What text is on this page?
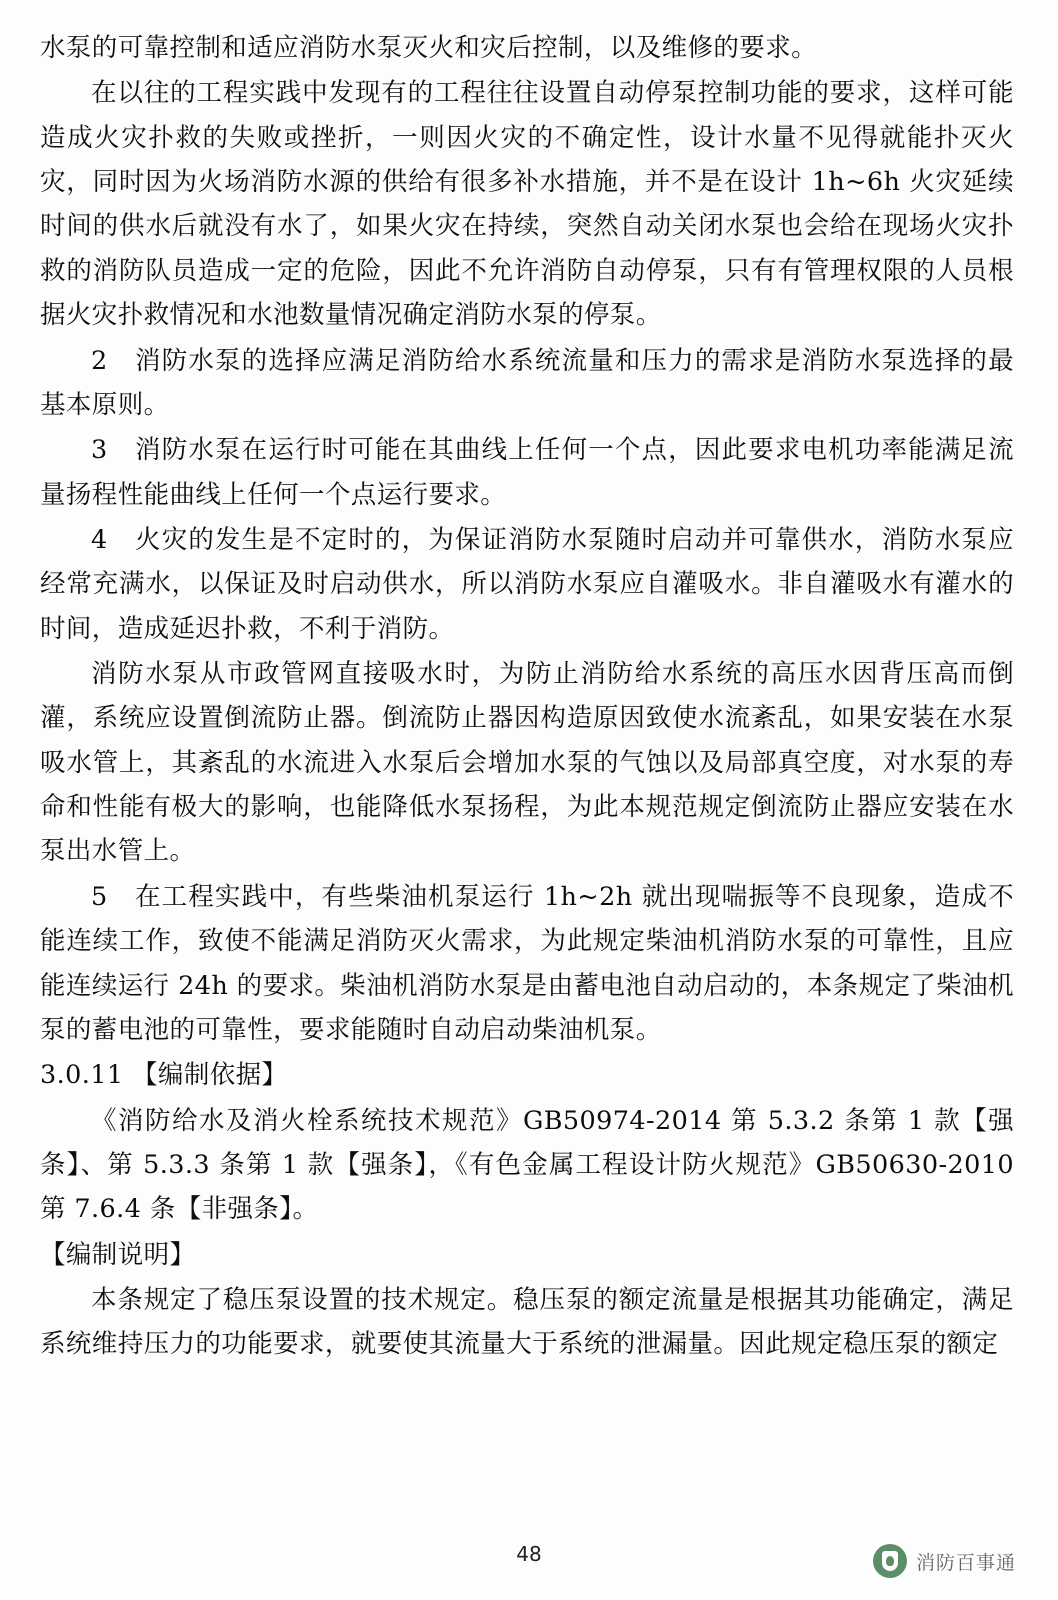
水泵的可靠控制和适应消防水泵灭火和灾后控制，以及维修的要求。

在以往的工程实践中发现有的工程往往设置自动停泵控制功能的要求，这样可能造成火灾扑救的失败或挫折，一则因火灾的不确定性，设计水量不见得就能扑灭火灾，同时因为火场消防水源的供给有很多补水措施，并不是在设计 1h~6h 火灾延续时间的供水后就没有水了，如果火灾在持续，突然自动关闭水泵也会给在现场火灾扑救的消防队员造成一定的危险，因此不允许消防自动停泵，只有有管理权限的人员根据火灾扑救情况和水池数量情况确定消防水泵的停泵。

2　消防水泵的选择应满足消防给水系统流量和压力的需求是消防水泵选择的最基本原则。

3　消防水泵在运行时可能在其曲线上任何一个点，因此要求电机功率能满足流量扬程性能曲线上任何一个点运行要求。

4　火灾的发生是不定时的，为保证消防水泵随时启动并可靠供水，消防水泵应经常充满水，以保证及时启动供水，所以消防水泵应自灌吸水。非自灌吸水有灌水的时间，造成延迟扑救，不利于消防。

消防水泵从市政管网直接吸水时，为防止消防给水系统的高压水因背压高而倒灌，系统应设置倒流防止器。倒流防止器因构造原因致使水流紊乱，如果安装在水泵吸水管上，其紊乱的水流进入水泵后会增加水泵的气蚀以及局部真空度，对水泵的寿命和性能有极大的影响，也能降低水泵扬程，为此本规范规定倒流防止器应安装在水泵出水管上。

5　在工程实践中，有些柴油机泵运行 1h~2h 就出现喘振等不良现象，造成不能连续工作，致使不能满足消防灭火需求，为此规定柴油机消防水泵的可靠性，且应能连续运行 24h 的要求。柴油机消防水泵是由蓄电池自动启动的，本条规定了柴油机泵的蓄电池的可靠性，要求能随时自动启动柴油机泵。

3.0.11 【编制依据】

《消防给水及消火栓系统技术规范》GB50974-2014 第 5.3.2 条第 1 款【强条】、第 5.3.3 条第 1 款【强条】，《有色金属工程设计防火规范》GB50630-2010 第 7.6.4 条【非强条】。

【编制说明】

本条规定了稳压泵设置的技术规定。稳压泵的额定流量是根据其功能确定，满足系统维持压力的功能要求，就要使其流量大于系统的泄漏量。因此规定稳压泵的额定

48	消防百事通
